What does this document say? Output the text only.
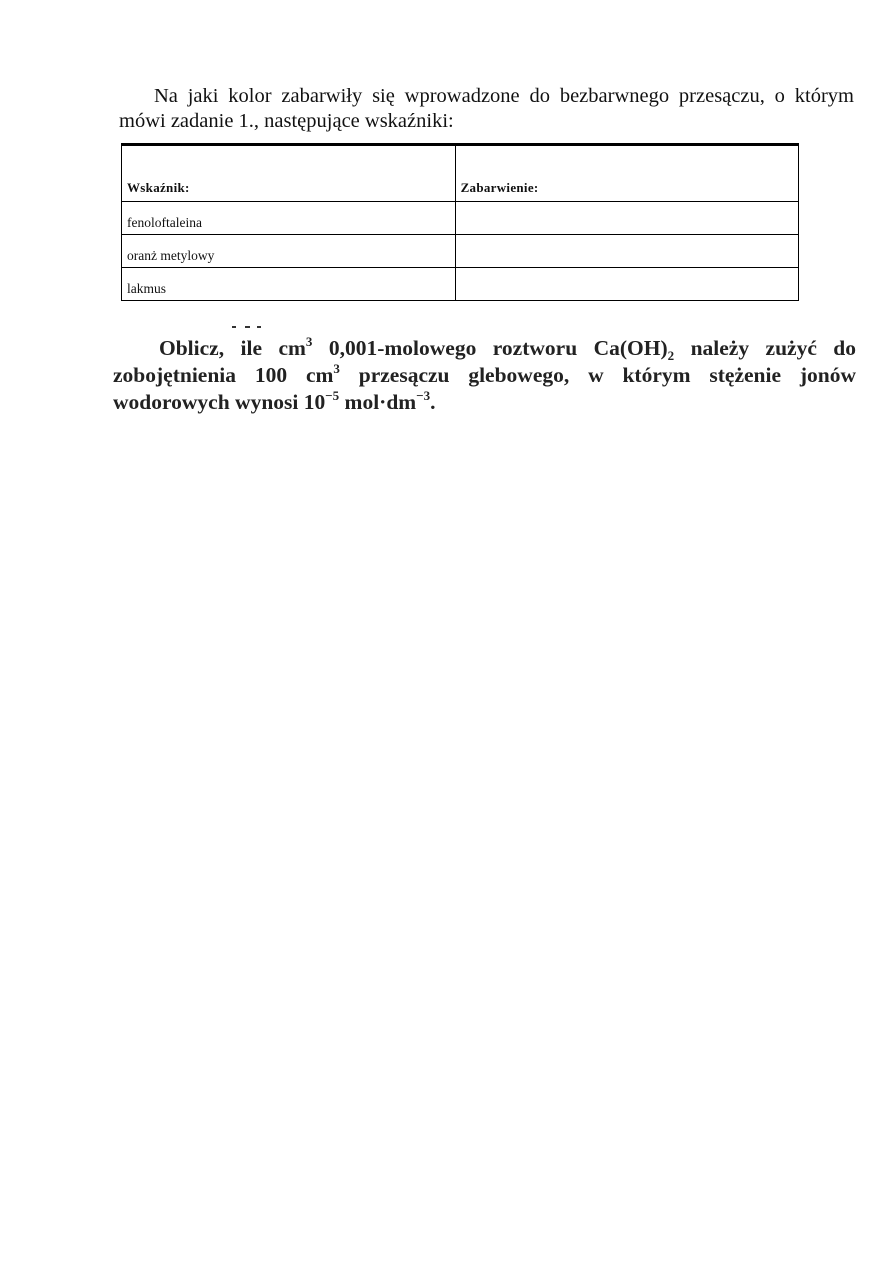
Na jaki kolor zabarwiły się wprowadzone do bezbarwnego przesączu, o którym mówi zadanie 1., następujące wskaźniki:

Wskaźnik:	Zabarwienie:
fenoloftaleina	
oranż metylowy	
lakmus	

Oblicz, ile $cm^3$ 0,001-molowego roztworu $Ca(OH)_2$ należy zużyć do zobojętnienia 100 $cm^3$ przesączu glebowego, w którym stężenie jonów wodorowych wynosi $10^{-5}$ $mol\cdot dm^{-3}$.
